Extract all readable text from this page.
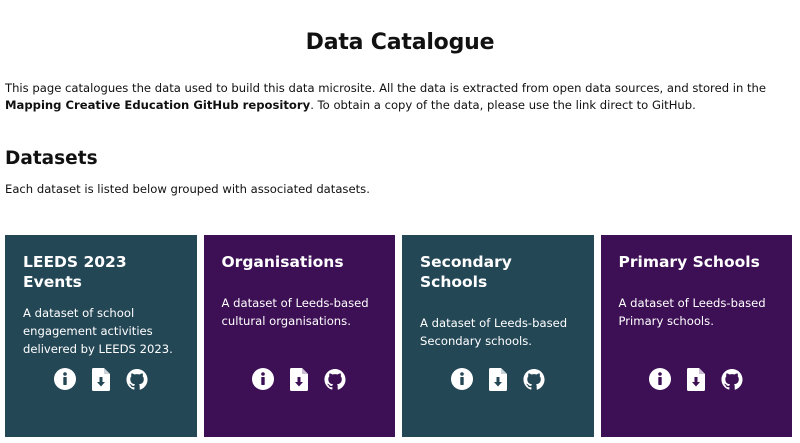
Data Catalogue

This page catalogues the data used to build this data microsite. All the data is extracted from open data sources, and stored in the Mapping Creative Education GitHub repository. To obtain a copy of the data, please use the link direct to GitHub.

Datasets

Each dataset is listed below grouped with associated datasets.

LEEDS 2023 Events
A dataset of school engagement activities delivered by LEEDS 2023.
Organisations
A dataset of Leeds-based cultural organisations.
Secondary Schools
A dataset of Leeds-based Secondary schools.
Primary Schools
A dataset of Leeds-based Primary schools.
